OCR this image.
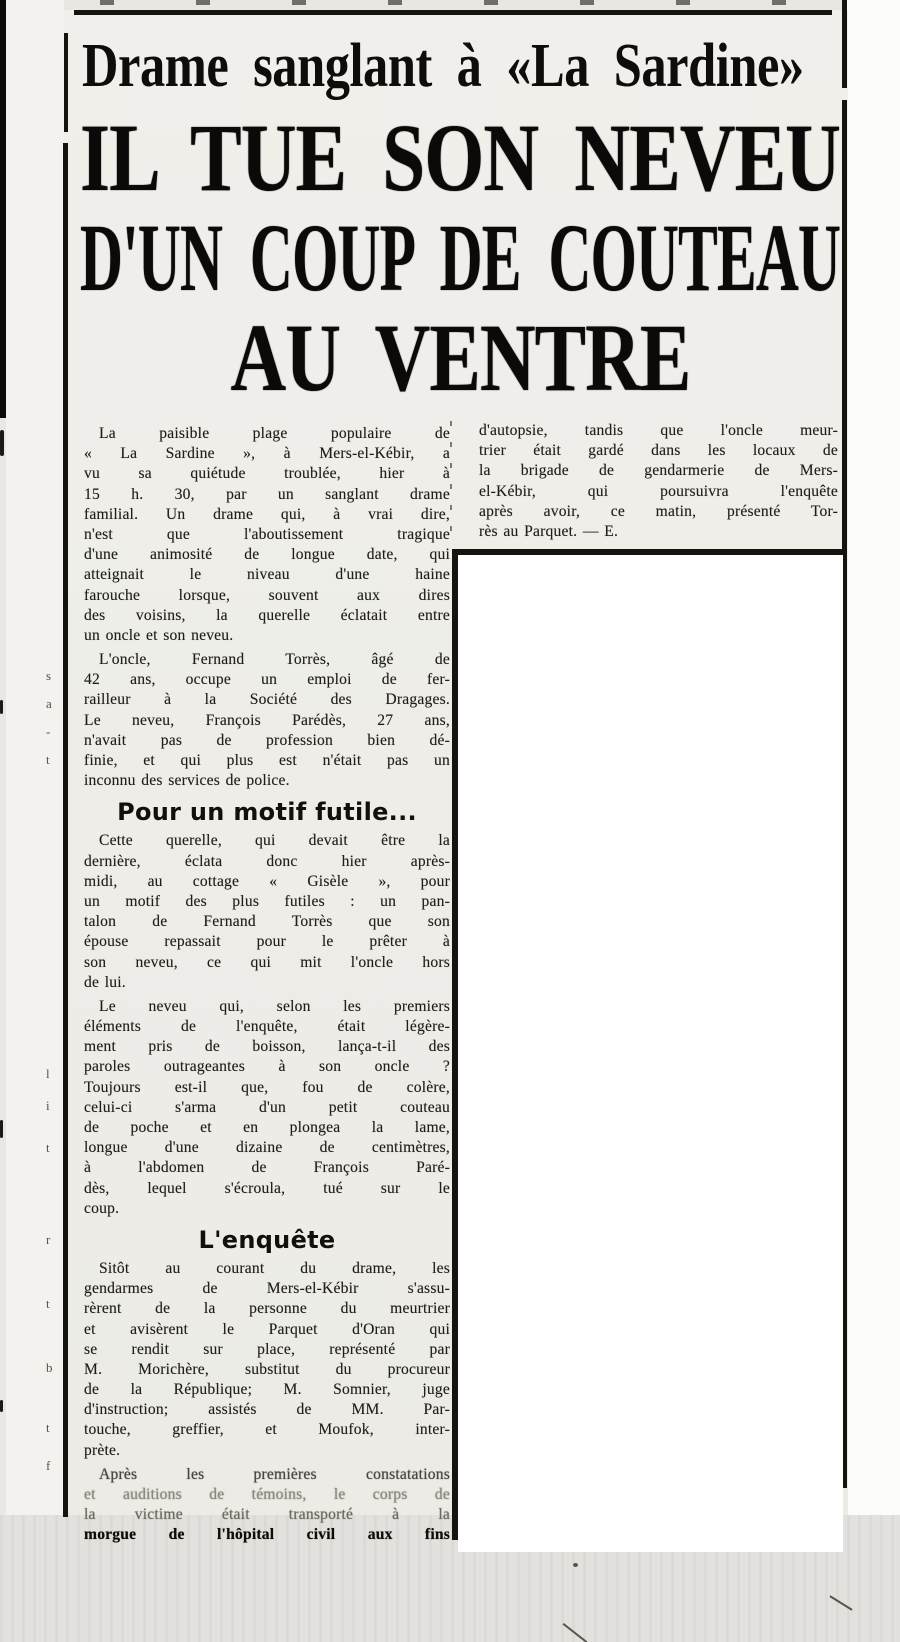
Drame sanglant à «La Sardine»
IL TUE SON NEVEU
D'UN COUP DE COUTEAU
AU VENTRE
La paisible plage populaire de
« La Sardine », à Mers-el-Kébir, a
vu sa quiétude troublée, hier à
15 h. 30, par un sanglant drame
familial. Un drame qui, à vrai dire,
n'est que l'aboutissement tragique
d'une animosité de longue date, qui
atteignait le niveau d'une haine
farouche lorsque, souvent aux dires
des voisins, la querelle éclatait entre
un oncle et son neveu.
L'oncle, Fernand Torrès, âgé de
42 ans, occupe un emploi de fer-
railleur à la Société des Dragages.
Le neveu, François Parédès, 27 ans,
n'avait pas de profession bien dé-
finie, et qui plus est n'était pas un
inconnu des services de police.
Pour un motif futile...
Cette querelle, qui devait être la
dernière, éclata donc hier après-
midi, au cottage « Gisèle », pour
un motif des plus futiles : un pan-
talon de Fernand Torrès que son
épouse repassait pour le prêter à
son neveu, ce qui mit l'oncle hors
de lui.
Le neveu qui, selon les premiers
éléments de l'enquête, était légère-
ment pris de boisson, lança-t-il des
paroles outrageantes à son oncle ?
Toujours est-il que, fou de colère,
celui-ci s'arma d'un petit couteau
de poche et en plongea la lame,
longue d'une dizaine de centimètres,
à l'abdomen de François Paré-
dès, lequel s'écroula, tué sur le
coup.
L'enquête
Sitôt au courant du drame, les
gendarmes de Mers-el-Kébir s'assu-
rèrent de la personne du meurtrier
et avisèrent le Parquet d'Oran qui
se rendit sur place, représenté par
M. Morichère, substitut du procureur
de la République; M. Somnier, juge
d'instruction; assistés de MM. Par-
touche, greffier, et Moufok, inter-
prète.
Après les premières constatations
et auditions de témoins, le corps de
la victime était transporté à la
morgue de l'hôpital civil aux fins
d'autopsie, tandis que l'oncle meur-
trier était gardé dans les locaux de
la brigade de gendarmerie de Mers-
el-Kébir, qui poursuivra l'enquête
après avoir, ce matin, présenté Tor-
rès au Parquet. — E.
s
a
-
t
l
i
t
r
t
b
t
f
